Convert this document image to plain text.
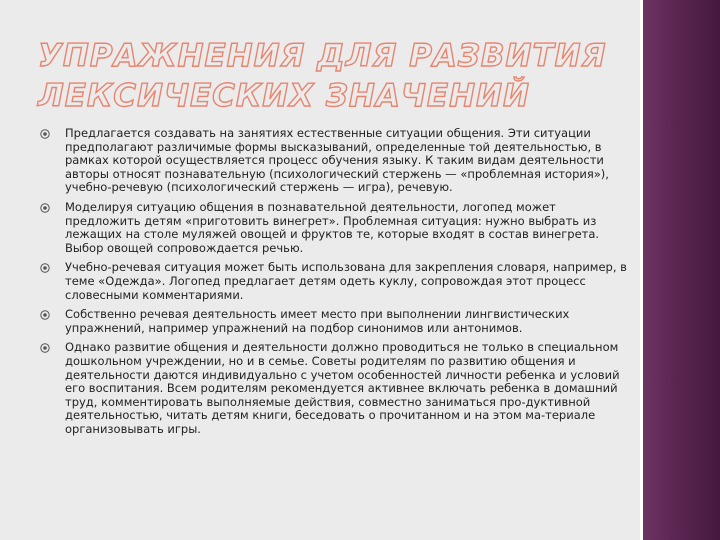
УПРАЖНЕНИЯ ДЛЯ РАЗВИТИЯ
ЛЕКСИЧЕСКИХ ЗНАЧЕНИЙ
Предлагается создавать на занятиях естественные ситуации общения. Эти ситуации предполагают различимые формы высказываний, определенные той деятельностью, в рамках которой осуществляется процесс обучения языку. К таким видам деятельности авторы относят познавательную (психологический стержень — «проблемная история»), учебно-речевую (психологический стержень — игра), речевую.
Моделируя ситуацию общения в познавательной деятельности, логопед может предложить детям «приготовить винегрет». Проблемная ситуация: нужно выбрать из лежащих на столе муляжей овощей и фруктов те, которые входят в состав винегрета. Выбор овощей сопровождается речью.
Учебно-речевая ситуация может быть использована для закрепления словаря, например, в теме «Одежда». Логопед предлагает детям одеть куклу, сопровождая этот процесс словесными комментариями.
Собственно речевая деятельность имеет место при выполнении лингвистических упражнений, например упражнений на подбор синонимов или антонимов.
Однако развитие общения и деятельности должно проводиться не только в специальном дошкольном учреждении, но и в семье. Советы родителям по развитию общения и деятельности даются индивидуально с учетом особенностей личности ребенка и условий его воспитания. Всем родителям рекомендуется активнее включать ребенка в домашний труд, комментировать выполняемые действия, совместно заниматься про-дуктивной деятельностью, читать детям книги, беседовать о прочитанном и на этом ма-териале организовывать игры.
